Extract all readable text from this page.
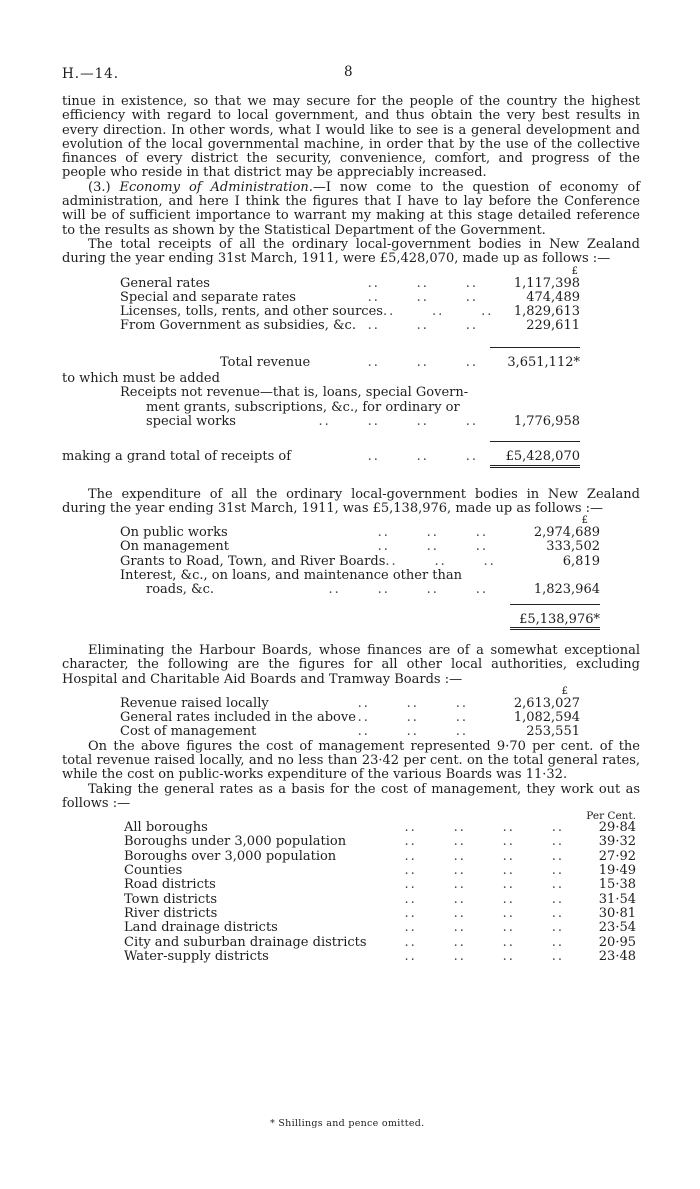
H.—14.	8

tinue in existence, so that we may secure for the people of the country the highest efficiency with regard to local government, and thus obtain the very best results in every direction. In other words, what I would like to see is a general development and evolution of the local governmental machine, in order that by the use of the collective finances of every district the security, convenience, comfort, and progress of the people who reside in that district may be appreciably increased.

(3.) Economy of Administration.—I now come to the question of economy of administration, and here I think the figures that I have to lay before the Conference will be of sufficient importance to warrant my making at this stage detailed reference to the results as shown by the Statistical Department of the Government.

The total receipts of all the ordinary local-government bodies in New Zealand during the year ending 31st March, 1911, were £5,428,070, made up as follows :—

£
General rates	..      ..      ..	1,117,398
Special and separate rates	..      ..      ..	474,489
Licenses, tolls, rents, and other sources ..      ..      ..	1,829,613
From Government as subsidies, &c. ..      ..      ..	229,611
Total revenue	..      ..      ..	3,651,112*

to which must be added

Receipts not revenue—that is, loans, special Govern-
ment grants, subscriptions, &c., for ordinary or
special works	..      ..      ..      ..	1,776,958
making a grand total of receipts of	..      ..      ..	£5,428,070

The expenditure of all the ordinary local-government bodies in New Zealand during the year ending 31st March, 1911, was £5,138,976, made up as follows :—

£
On public works	..      ..      ..	2,974,689
On management	..      ..      ..	333,502
Grants to Road, Town, and River Boards ..      ..      ..	6,819
Interest, &c., on loans, and maintenance other than
roads, &c.	..      ..      ..      ..	1,823,964
£5,138,976*

Eliminating the Harbour Boards, whose finances are of a somewhat exceptional character, the following are the figures for all other local authorities, excluding Hospital and Charitable Aid Boards and Tramway Boards :—

£
Revenue raised locally	..      ..      ..	2,613,027
General rates included in the above ..      ..      ..	1,082,594
Cost of management	..      ..      ..	253,551

On the above figures the cost of management represented 9·70 per cent. of the total revenue raised locally, and no less than 23·42 per cent. on the total general rates, while the cost on public-works expenditure of the various Boards was 11·32.

Taking the general rates as a basis for the cost of management, they work out as follows :—

Per Cent.
All boroughs	..      ..      ..      ..	29·84
Boroughs under 3,000 population	..      ..      ..      ..	39·32
Boroughs over 3,000 population	..      ..      ..      ..	27·92
Counties	..      ..      ..      ..	19·49
Road districts	..      ..      ..      ..	15·38
Town districts	..      ..      ..      ..	31·54
River districts	..      ..      ..      ..	30·81
Land drainage districts	..      ..      ..      ..	23·54
City and suburban drainage districts	..      ..      ..      ..	20·95
Water-supply districts	..      ..      ..      ..	23·48
* Shillings and pence omitted.
